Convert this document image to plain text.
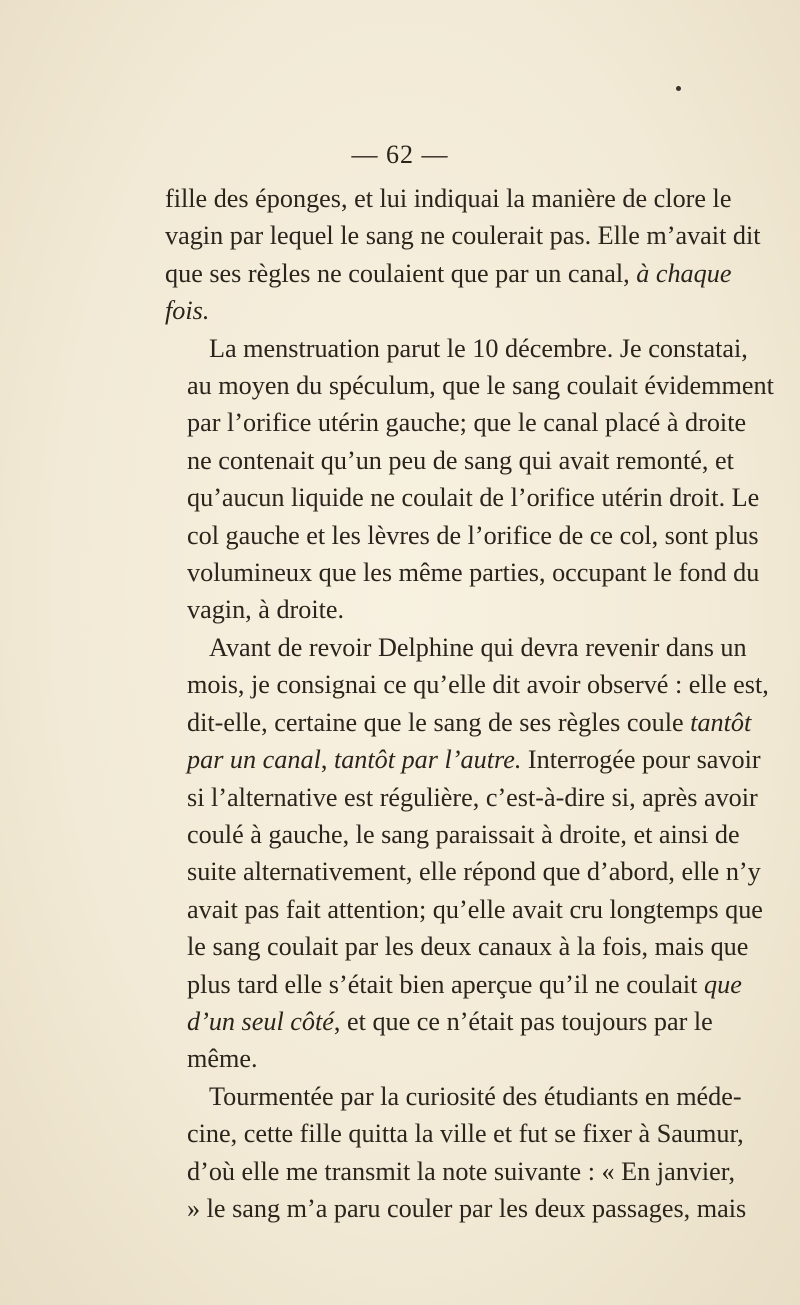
— 62 —
fille des éponges, et lui indiquai la manière de clore le
vagin par lequel le sang ne coulerait pas. Elle m’avait dit
que ses règles ne coulaient que par un canal, à chaque
fois.
La menstruation parut le 10 décembre. Je constatai,
au moyen du spéculum, que le sang coulait évidemment
par l’orifice utérin gauche; que le canal placé à droite
ne contenait qu’un peu de sang qui avait remonté, et
qu’aucun liquide ne coulait de l’orifice utérin droit. Le
col gauche et les lèvres de l’orifice de ce col, sont plus
volumineux que les même parties, occupant le fond du
vagin, à droite.
Avant de revoir Delphine qui devra revenir dans un
mois, je consignai ce qu’elle dit avoir observé : elle est,
dit-elle, certaine que le sang de ses règles coule tantôt
par un canal, tantôt par l’autre. Interrogée pour savoir
si l’alternative est régulière, c’est-à-dire si, après avoir
coulé à gauche, le sang paraissait à droite, et ainsi de
suite alternativement, elle répond que d’abord, elle n’y
avait pas fait attention; qu’elle avait cru longtemps que
le sang coulait par les deux canaux à la fois, mais que
plus tard elle s’était bien aperçue qu’il ne coulait que
d’un seul côté, et que ce n’était pas toujours par le
même.
Tourmentée par la curiosité des étudiants en méde-
cine, cette fille quitta la ville et fut se fixer à Saumur,
d’où elle me transmit la note suivante : « En janvier,
» le sang m’a paru couler par les deux passages, mais
